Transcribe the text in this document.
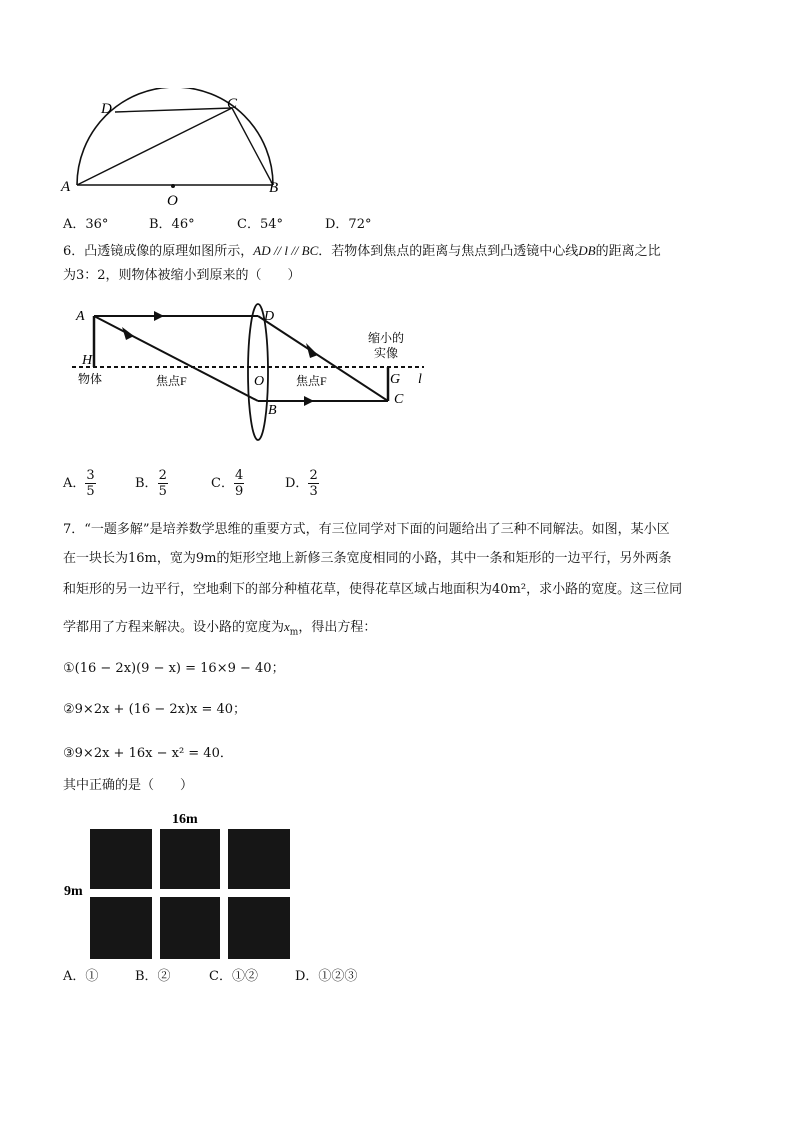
A	B
C
D
O
A．36°	B．46°	C．54°	D．72°
6．凸透镜成像的原理如图所示，AD // l // BC．若物体到焦点的距离与焦点到凸透镜中心线DB的距离之比
为3：2，则物体被缩小到原来的（　　）
A
H
D
O
B
G
C
l
物体	焦点F	焦点F
缩小的
实像
A． $\frac{3}{5}$	B． $\frac{2}{5}$	C． $\frac{4}{9}$	D． $\frac{2}{3}$
7．“一题多解”是培养数学思维的重要方式，有三位同学对下面的问题给出了三种不同解法。如图，某小区
在一块长为16m，宽为9m的矩形空地上新修三条宽度相同的小路，其中一条和矩形的一边平行，另外两条
和矩形的另一边平行，空地剩下的部分种植花草，使得花草区域占地面积为40m²，求小路的宽度。这三位同
学都用了方程来解决。设小路的宽度为$x_m$，得出方程：
①(16 − 2x)(9 − x) = 16×9 − 40；
②9×2x + (16 − 2x)x = 40；
③9×2x + 16x − x² = 40．
其中正确的是（　　）
16m
9m
A．①	B．②	C．①②	D．①②③
